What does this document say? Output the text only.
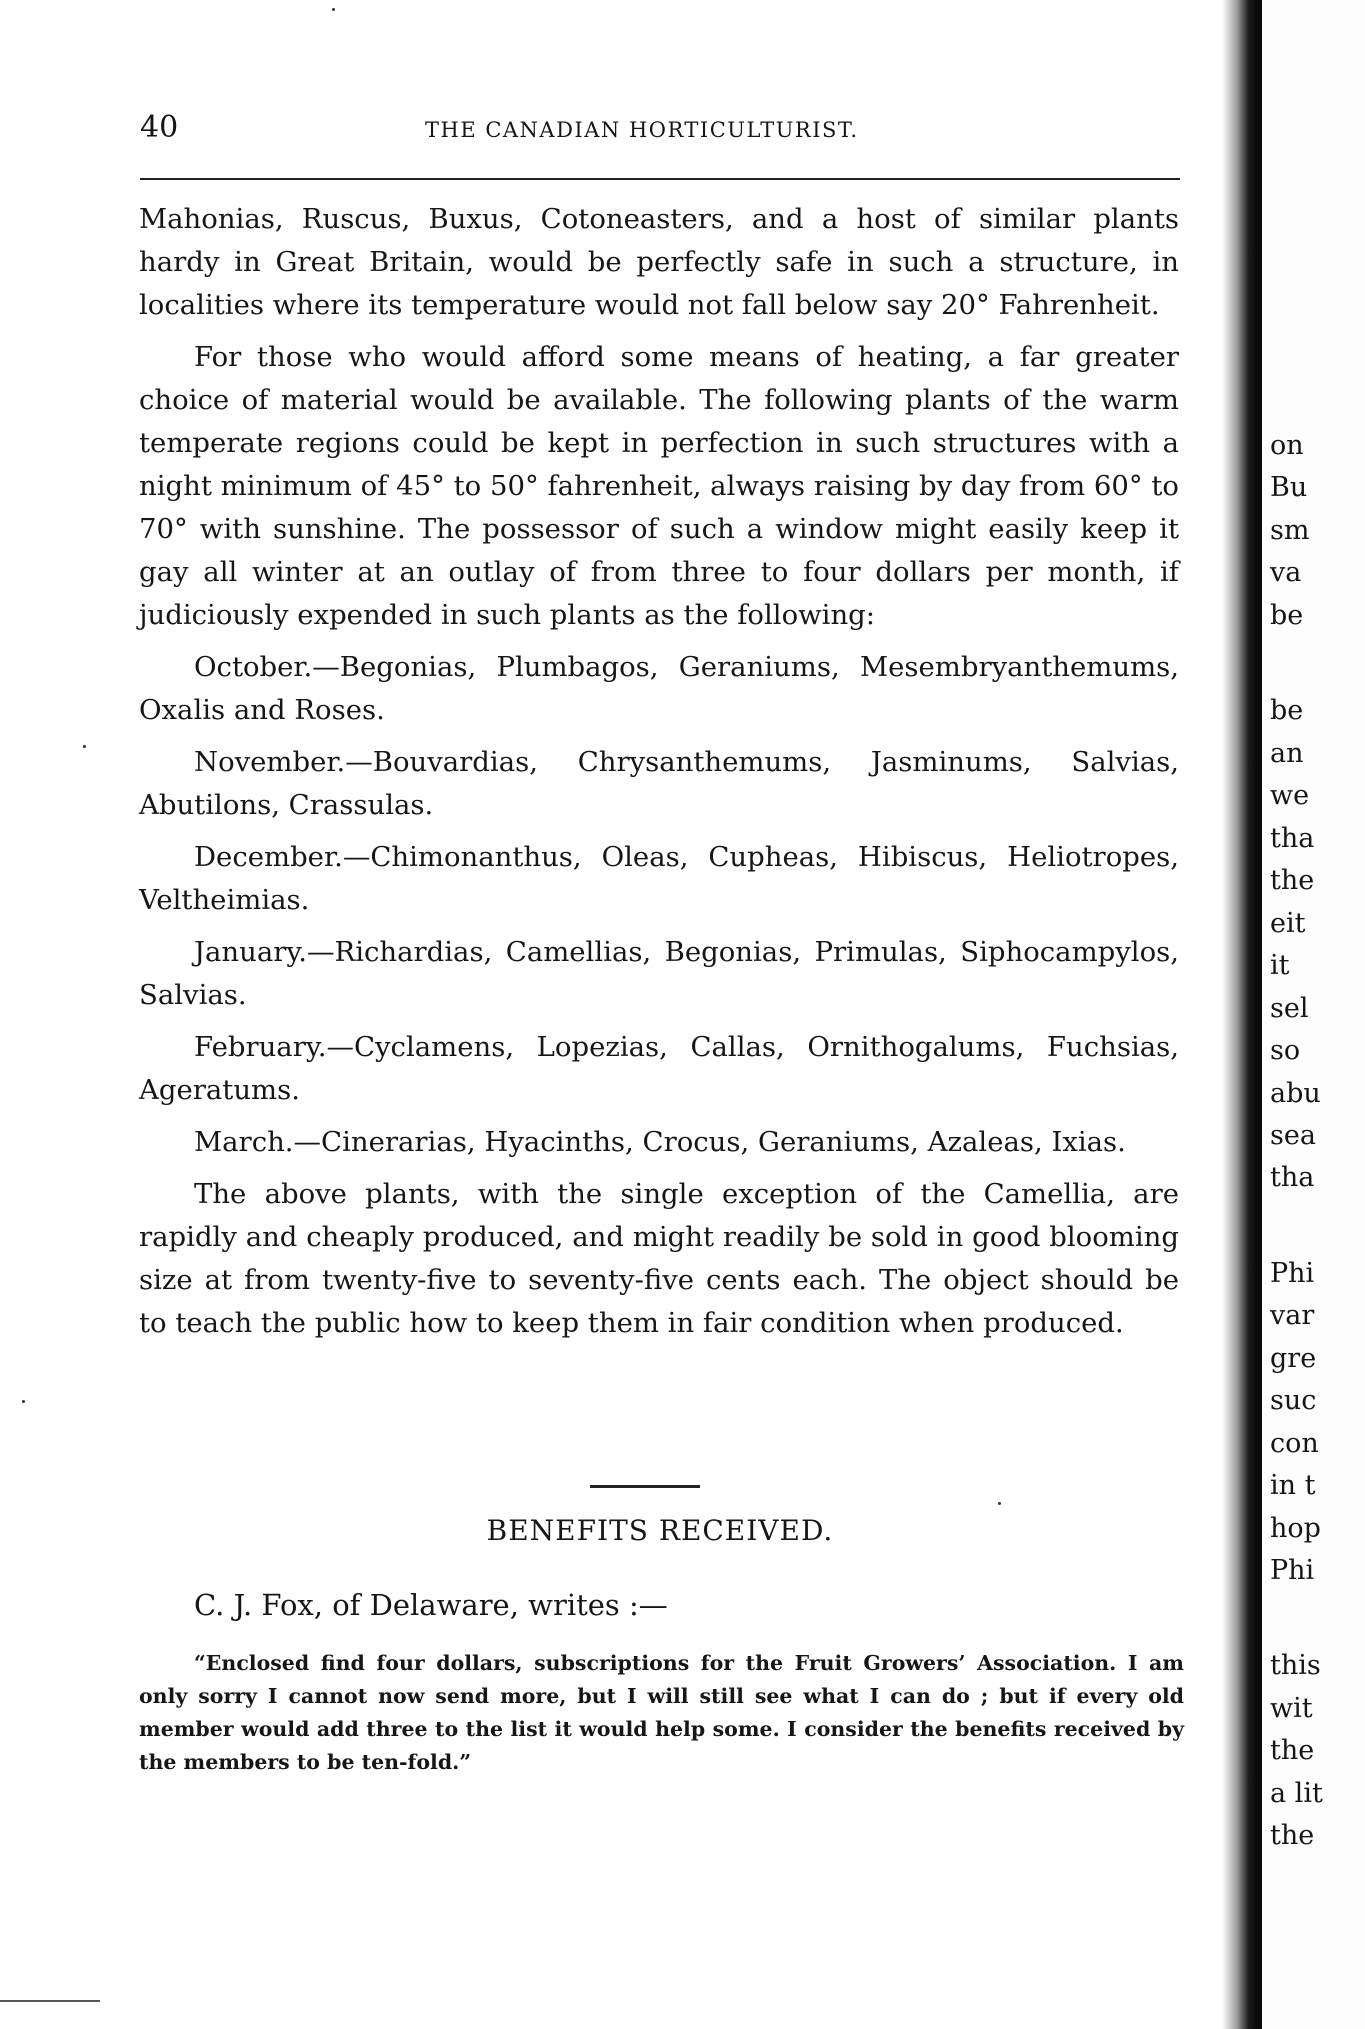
40	THE CANADIAN HORTICULTURIST.

Mahonias, Ruscus, Buxus, Cotoneasters, and a host of similar plants hardy in Great Britain, would be perfectly safe in such a structure, in localities where its temperature would not fall below say 20° Fahrenheit.

For those who would afford some means of heating, a far greater choice of material would be available. The following plants of the warm temperate regions could be kept in perfection in such structures with a night minimum of 45° to 50° fahrenheit, always raising by day from 60° to 70° with sunshine. The possessor of such a window might easily keep it gay all winter at an outlay of from three to four dollars per month, if judiciously expended in such plants as the following:

October.—Begonias, Plumbagos, Geraniums, Mesembryanthemums, Oxalis and Roses.

November.—Bouvardias, Chrysanthemums, Jasminums, Salvias, Abutilons, Crassulas.

December.—Chimonanthus, Oleas, Cupheas, Hibiscus, Heliotropes, Veltheimias.

January.—Richardias, Camellias, Begonias, Primulas, Siphocampylos, Salvias.

February.—Cyclamens, Lopezias, Callas, Ornithogalums, Fuchsias, Ageratums.

March.—Cinerarias, Hyacinths, Crocus, Geraniums, Azaleas, Ixias.

The above plants, with the single exception of the Camellia, are rapidly and cheaply produced, and might readily be sold in good blooming size at from twenty-five to seventy-five cents each. The object should be to teach the public how to keep them in fair condition when produced.

BENEFITS RECEIVED.
C. J. Fox, of Delaware, writes :—

“Enclosed find four dollars, subscriptions for the Fruit Growers’ Association. I am only sorry I cannot now send more, but I will still see what I can do ; but if every old member would add three to the list it would help some. I consider the benefits received by the members to be ten-fold.”

on
Bu
sm
va
be
be
an
we
tha
the
eit
it
sel
so
abu
sea
tha
Phi
var
gre
suc
con
in t
hop
Phi
this
wit
the
a lit
the
